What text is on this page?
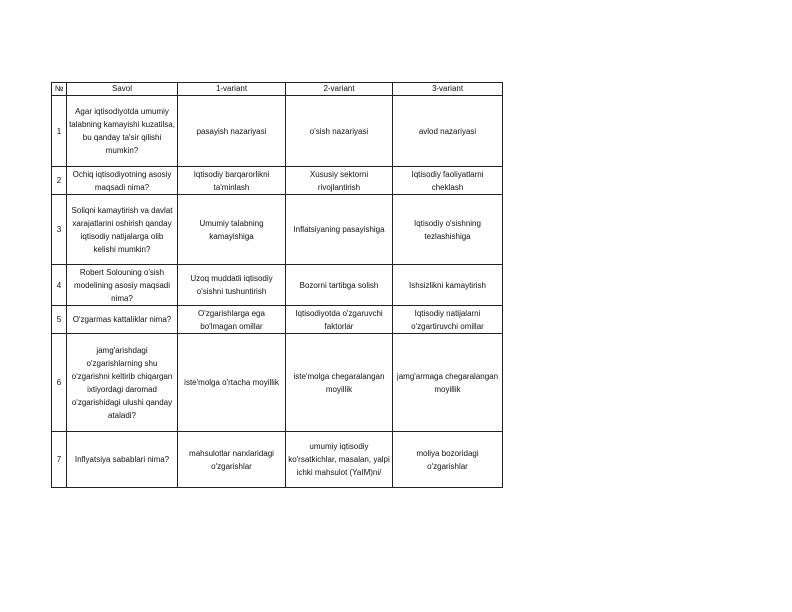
№	Savol	1-variant	2-variant	3-variant
1	Agar iqtisodiyotda umumiy talabning kamayishi kuzatilsa, bu qanday ta'sir qilishi mumkin?	pasayish nazariyasi	o'sish nazariyasi	avlod nazariyasi
2	Ochiq iqtisodiyotning asosiy maqsadi nima?	Iqtisodiy barqarorlikni ta'minlash	Xususiy sektorni rivojlantirish	Iqtisodiy faoliyatlarni cheklash
3	Soliqni kamaytirish va davlat xarajatlarini oshirish qanday iqtisodiy natijalarga olib kelishi mumkin?	Umumiy talabning kamayishiga	Inflatsiyaning pasayishiga	Iqtisodiy o'sishning tezlashishiga
4	Robert Solouning o'sish modelining asosiy maqsadi nima?	Uzoq muddatli iqtisodiy o'sishni tushuntirish	Bozorni tartibga solish	Ishsizlikni kamaytirish
5	O'zgarmas kattaliklar nima?	O'zgarishlarga ega bo'lmagan omillar	Iqtisodiyotda o'zgaruvchi faktorlar	Iqtisodiy natijalarni o'zgartiruvchi omillar
6	jamg'arishdagi o'zgarishlarning shu o'zgarishni keltirib chiqargan ixtiyordagi daromad o'zgarishidagi ulushi qanday ataladi?	iste'molga o'rtacha moyillik	iste'molga chegaralangan moyillik	jamg'armaga chegaralangan moyillik
7	Inflyatsiya sabablari nima?	mahsulotlar narxlaridagi o'zgarishlar	umumiy iqtisodiy ko'rsatkichlar, masalan, yalpi ichki mahsulot (YaIM)ni/	moliya bozoridagi o'zgarishlar
